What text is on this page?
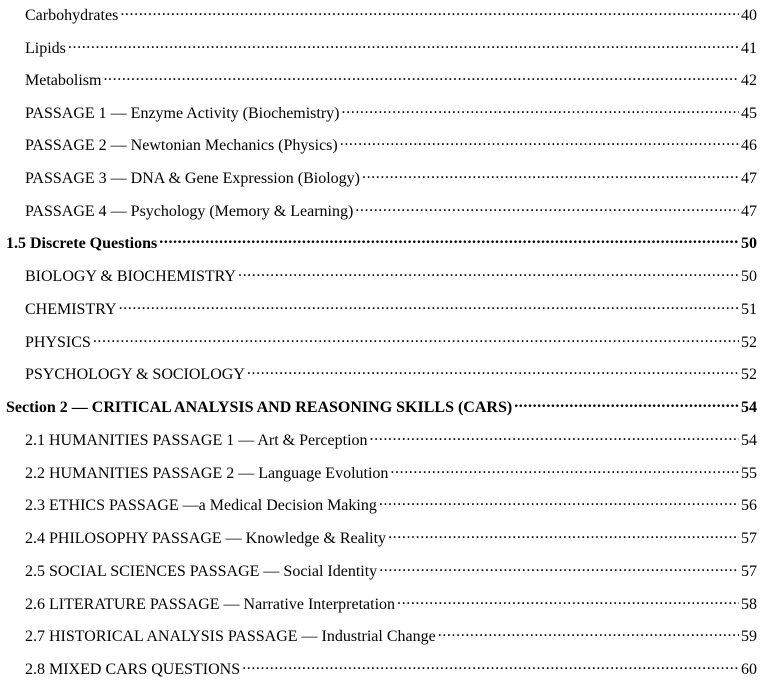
Carbohydrates .....	40
Lipids .....	41
Metabolism .....	42
PASSAGE 1 — Enzyme Activity (Biochemistry) .....	45
PASSAGE 2 — Newtonian Mechanics (Physics) .....	46
PASSAGE 3 — DNA & Gene Expression (Biology) .....	47
PASSAGE 4 — Psychology (Memory & Learning) .....	47
1.5 Discrete Questions .....	50
BIOLOGY & BIOCHEMISTRY .....	50
CHEMISTRY .....	51
PHYSICS .....	52
PSYCHOLOGY & SOCIOLOGY .....	52
Section 2 — CRITICAL ANALYSIS AND REASONING SKILLS (CARS) .....	54
2.1 HUMANITIES PASSAGE 1 — Art & Perception .....	54
2.2 HUMANITIES PASSAGE 2 — Language Evolution .....	55
2.3 ETHICS PASSAGE —a Medical Decision Making .....	56
2.4 PHILOSOPHY PASSAGE — Knowledge & Reality .....	57
2.5 SOCIAL SCIENCES PASSAGE — Social Identity .....	57
2.6 LITERATURE PASSAGE — Narrative Interpretation .....	58
2.7 HISTORICAL ANALYSIS PASSAGE — Industrial Change .....	59
2.8 MIXED CARS QUESTIONS .....	60
